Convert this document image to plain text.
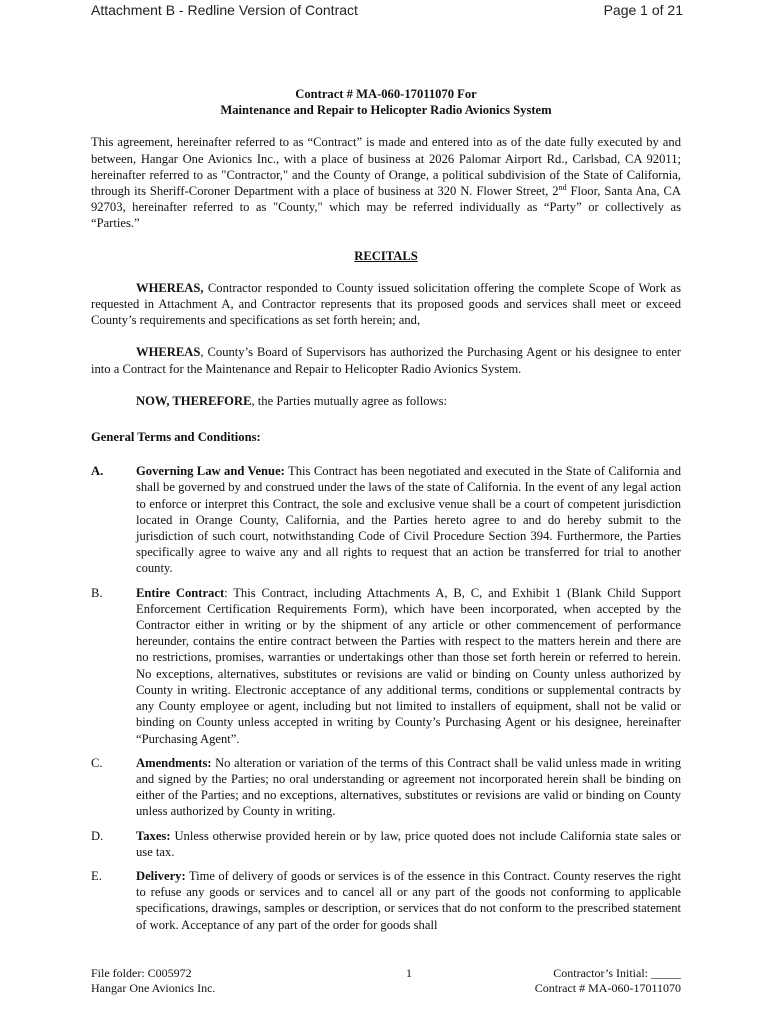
Attachment B - Redline Version of Contract	Page 1 of 21
Contract # MA-060-17011070 For
Maintenance and Repair to Helicopter Radio Avionics System

This agreement, hereinafter referred to as “Contract” is made and entered into as of the date fully executed by and between, Hangar One Avionics Inc., with a place of business at 2026 Palomar Airport Rd., Carlsbad, CA 92011; hereinafter referred to as "Contractor," and the County of Orange, a political subdivision of the State of California, through its Sheriff-Coroner Department with a place of business at 320 N. Flower Street, 2nd Floor, Santa Ana, CA 92703, hereinafter referred to as "County," which may be referred individually as “Party” or collectively as “Parties.”

RECITALS

WHEREAS, Contractor responded to County issued solicitation offering the complete Scope of Work as requested in Attachment A, and Contractor represents that its proposed goods and services shall meet or exceed County’s requirements and specifications as set forth herein; and,

WHEREAS, County’s Board of Supervisors has authorized the Purchasing Agent or his designee to enter into a Contract for the Maintenance and Repair to Helicopter Radio Avionics System.

NOW, THEREFORE, the Parties mutually agree as follows:

General Terms and Conditions:
A.	Governing Law and Venue: This Contract has been negotiated and executed in the State of California and shall be governed by and construed under the laws of the state of California. In the event of any legal action to enforce or interpret this Contract, the sole and exclusive venue shall be a court of competent jurisdiction located in Orange County, California, and the Parties hereto agree to and do hereby submit to the jurisdiction of such court, notwithstanding Code of Civil Procedure Section 394. Furthermore, the Parties specifically agree to waive any and all rights to request that an action be transferred for trial to another county.
B.	Entire Contract: This Contract, including Attachments A, B, C, and Exhibit 1 (Blank Child Support Enforcement Certification Requirements Form), which have been incorporated, when accepted by the Contractor either in writing or by the shipment of any article or other commencement of performance hereunder, contains the entire contract between the Parties with respect to the matters herein and there are no restrictions, promises, warranties or undertakings other than those set forth herein or referred to herein. No exceptions, alternatives, substitutes or revisions are valid or binding on County unless authorized by County in writing. Electronic acceptance of any additional terms, conditions or supplemental contracts by any County employee or agent, including but not limited to installers of equipment, shall not be valid or binding on County unless accepted in writing by County’s Purchasing Agent or his designee, hereinafter “Purchasing Agent”.
C.	Amendments: No alteration or variation of the terms of this Contract shall be valid unless made in writing and signed by the Parties; no oral understanding or agreement not incorporated herein shall be binding on either of the Parties; and no exceptions, alternatives, substitutes or revisions are valid or binding on County unless authorized by County in writing.
D.	Taxes: Unless otherwise provided herein or by law, price quoted does not include California state sales or use tax.
E.	Delivery: Time of delivery of goods or services is of the essence in this Contract. County reserves the right to refuse any goods or services and to cancel all or any part of the goods not conforming to applicable specifications, drawings, samples or description, or services that do not conform to the prescribed statement of work. Acceptance of any part of the order for goods shall
File folder: C005972
Hangar One Avionics Inc.
1	Contractor’s Initial: _____
Contract # MA-060-17011070
